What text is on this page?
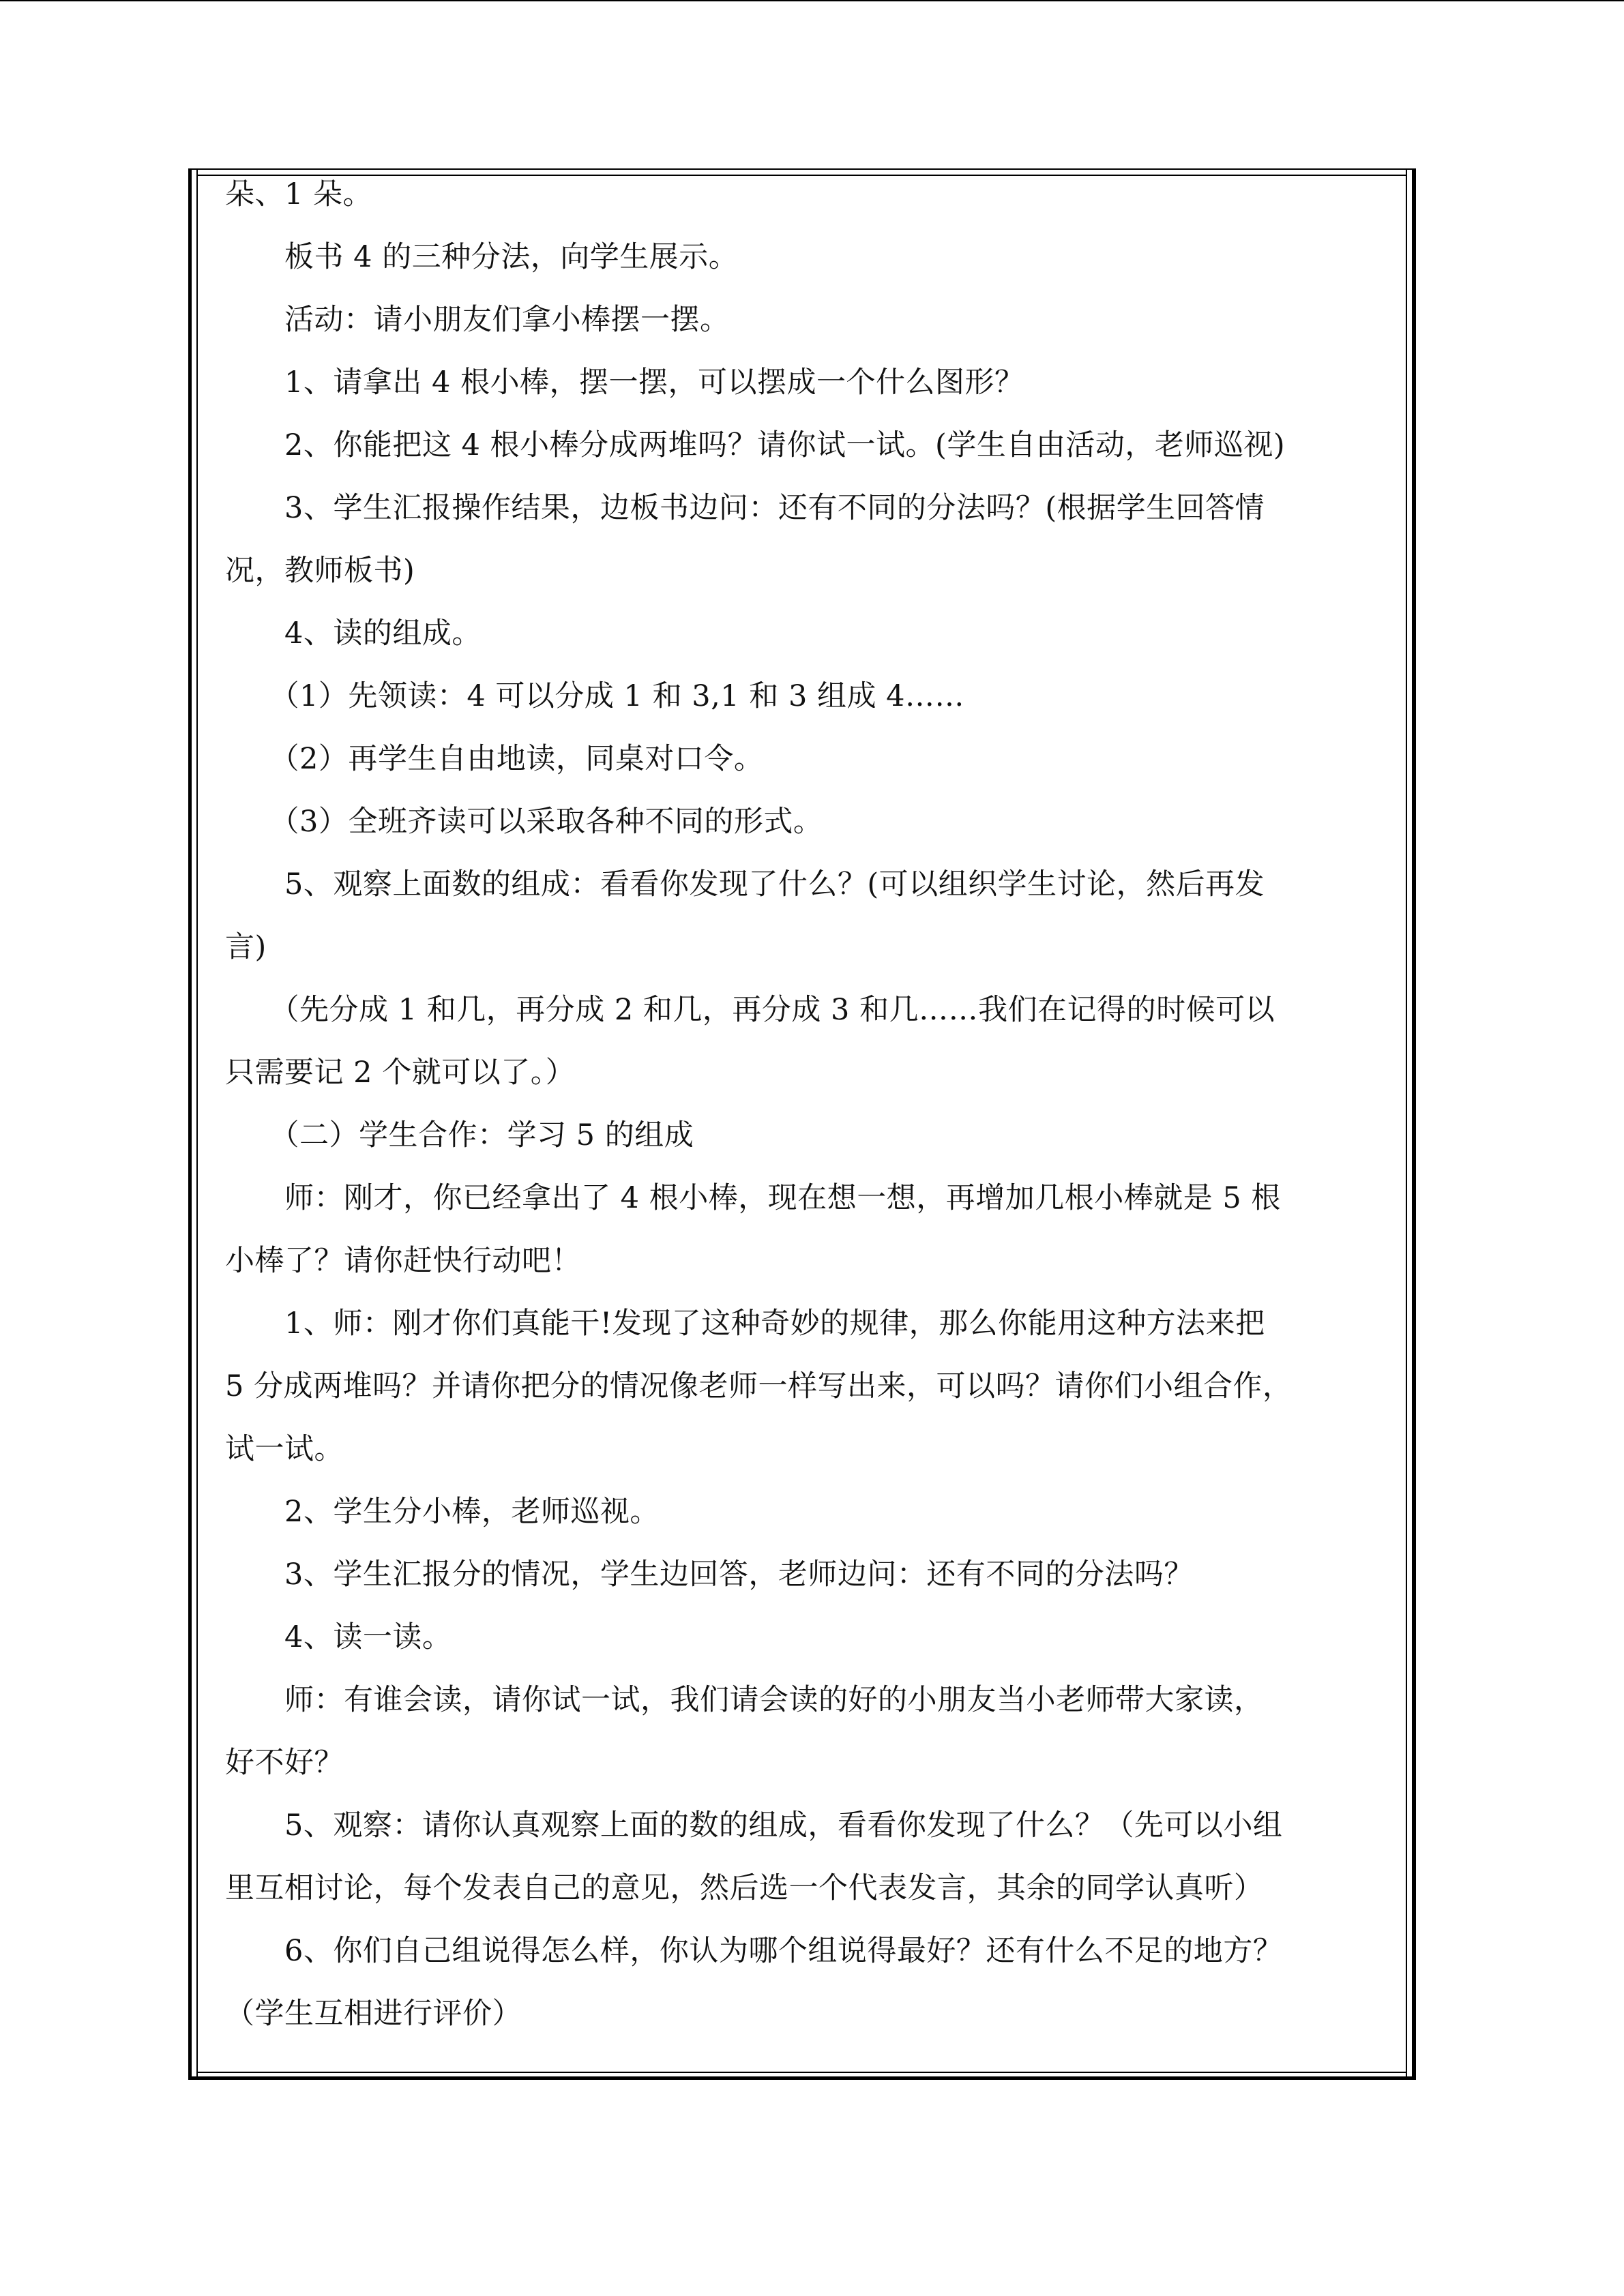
朵、1 朵。
　　板书 4 的三种分法，向学生展示。
　　活动：请小朋友们拿小棒摆一摆。
　　1、请拿出 4 根小棒，摆一摆，可以摆成一个什么图形？
　　2、你能把这 4 根小棒分成两堆吗？请你试一试。(学生自由活动，老师巡视)
　　3、学生汇报操作结果，边板书边问：还有不同的分法吗？(根据学生回答情
况，教师板书)
　　4、读的组成。
　　（1）先领读：4 可以分成 1 和 3,1 和 3 组成 4……
　　（2）再学生自由地读，同桌对口令。
　　（3）全班齐读可以采取各种不同的形式。
　　5、观察上面数的组成：看看你发现了什么？(可以组织学生讨论，然后再发
言)
　　（先分成 1 和几，再分成 2 和几，再分成 3 和几……我们在记得的时候可以
只需要记 2 个就可以了。）
　　（二）学生合作：学习 5 的组成
　　师：刚才，你已经拿出了 4 根小棒，现在想一想，再增加几根小棒就是 5 根
小棒了？请你赶快行动吧！
　　1、师：刚才你们真能干!发现了这种奇妙的规律，那么你能用这种方法来把
5 分成两堆吗？并请你把分的情况像老师一样写出来，可以吗？请你们小组合作，
试一试。
　　2、学生分小棒，老师巡视。
　　3、学生汇报分的情况，学生边回答，老师边问：还有不同的分法吗？
　　4、读一读。
　　师：有谁会读，请你试一试，我们请会读的好的小朋友当小老师带大家读，
好不好？
　　5、观察：请你认真观察上面的数的组成，看看你发现了什么？（先可以小组
里互相讨论，每个发表自己的意见，然后选一个代表发言，其余的同学认真听）
　　6、你们自己组说得怎么样，你认为哪个组说得最好？还有什么不足的地方？
（学生互相进行评价）
